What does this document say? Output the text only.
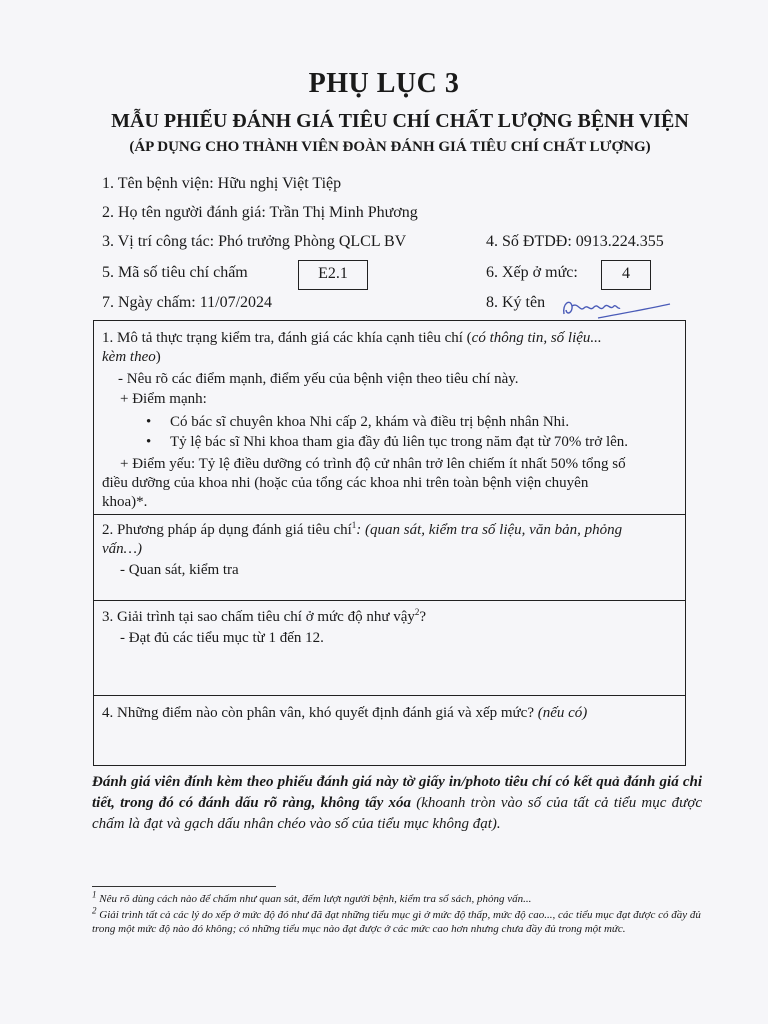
PHỤ LỤC 3
MẪU PHIẾU ĐÁNH GIÁ TIÊU CHÍ CHẤT LƯỢNG BỆNH VIỆN
(ÁP DỤNG CHO THÀNH VIÊN ĐOÀN ĐÁNH GIÁ TIÊU CHÍ CHẤT LƯỢNG)
1. Tên bệnh viện: Hữu nghị Việt Tiệp
2. Họ tên người đánh giá: Trần Thị Minh Phương
3. Vị trí công tác: Phó trưởng Phòng QLCL BV	4. Số ĐTDĐ: 0913.224.355
5. Mã số tiêu chí chấm	E2.1	6. Xếp ở mức:	4
7. Ngày chấm: 11/07/2024	8. Ký tên
1. Mô tả thực trạng kiểm tra, đánh giá các khía cạnh tiêu chí (có thông tin, số liệu...
kèm theo)
- Nêu rõ các điểm mạnh, điểm yếu của bệnh viện theo tiêu chí này.
+ Điểm mạnh:
• Có bác sĩ chuyên khoa Nhi cấp 2, khám và điều trị bệnh nhân Nhi.
• Tỷ lệ bác sĩ Nhi khoa tham gia đầy đủ liên tục trong năm đạt từ 70% trở lên.
+ Điểm yếu: Tỷ lệ điều dưỡng có trình độ cử nhân trở lên chiếm ít nhất 50% tổng số
điều dưỡng của khoa nhi (hoặc của tổng các khoa nhi trên toàn bệnh viện chuyên
khoa)*.
2. Phương pháp áp dụng đánh giá tiêu chí$^1$: (quan sát, kiểm tra số liệu, văn bản, phỏng
vấn…)
- Quan sát, kiểm tra
3. Giải trình tại sao chấm tiêu chí ở mức độ như vậy$^2$?
- Đạt đủ các tiểu mục từ 1 đến 12.
4. Những điểm nào còn phân vân, khó quyết định đánh giá và xếp mức? (nếu có)
Đánh giá viên đính kèm theo phiếu đánh giá này tờ giấy in/photo tiêu chí có kết quả đánh giá chi tiết, trong đó có đánh dấu rõ ràng, không tẩy xóa (khoanh tròn vào số của tất cả tiểu mục được chấm là đạt và gạch dấu nhân chéo vào số của tiểu mục không đạt).
$^1$ Nêu rõ dùng cách nào để chấm như quan sát, đếm lượt người bệnh, kiểm tra sổ sách, phỏng vấn...
$^2$ Giải trình tất cả các lý do xếp ở mức độ đó như đã đạt những tiểu mục gì ở mức độ thấp, mức độ cao..., các tiểu mục đạt được có đầy đủ trong một mức độ nào đó không; có những tiểu mục nào đạt được ở các mức cao hơn nhưng chưa đầy đủ trong một mức.
